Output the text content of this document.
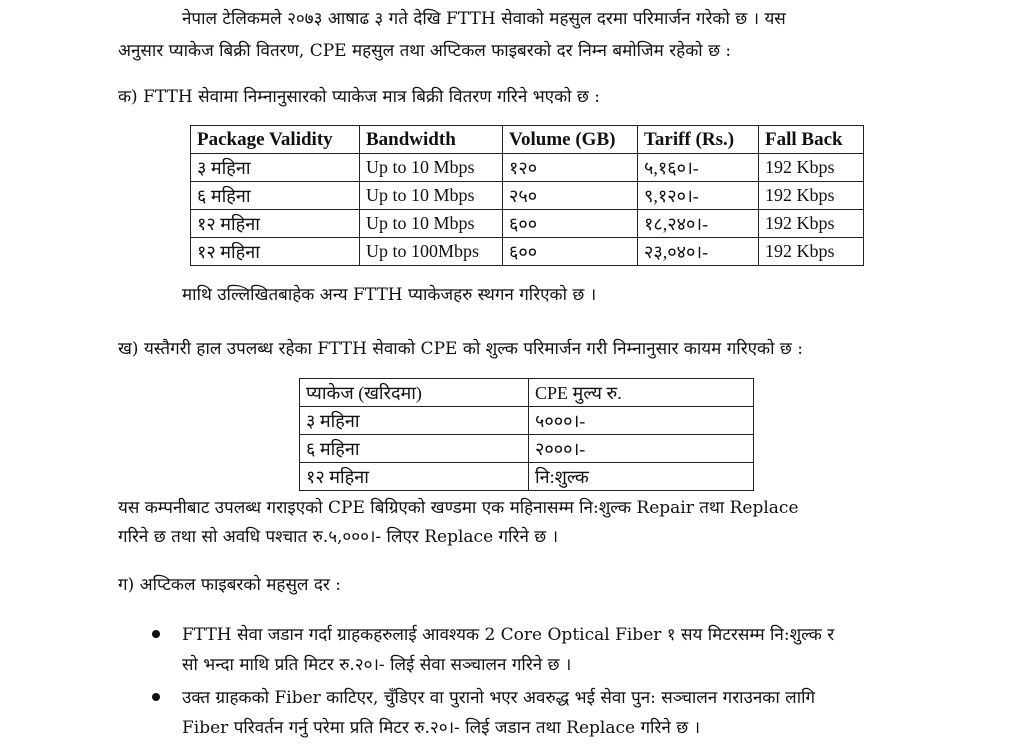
नेपाल टेलिकमले २०७३ आषाढ ३ गते देखि FTTH सेवाको महसुल दरमा परिमार्जन गरेको छ । यस
अनुसार प्याकेज बिक्री वितरण, CPE महसुल तथा अप्टिकल फाइबरको दर निम्न बमोजिम रहेको छ :
क) FTTH सेवामा निम्नानुसारको प्याकेज मात्र बिक्री वितरण गरिने भएको छ :
Package Validity	Bandwidth	Volume (GB)	Tariff (Rs.)	Fall Back
३ महिना	Up to 10 Mbps	१२०	५,१६०।-	192 Kbps
६ महिना	Up to 10 Mbps	२५०	९,१२०।-	192 Kbps
१२ महिना	Up to 10 Mbps	६००	१८,२४०।-	192 Kbps
१२ महिना	Up to 100Mbps	६००	२३,०४०।-	192 Kbps
माथि उल्लिखितबाहेक अन्य FTTH प्याकेजहरु स्थगन गरिएको छ ।
ख) यस्तैगरी हाल उपलब्ध रहेका FTTH सेवाको CPE को शुल्क परिमार्जन गरी निम्नानुसार कायम गरिएको छ :
प्याकेज (खरिदमा)	CPE मुल्य रु.
३ महिना	५०००।-
६ महिना	२०००।-
१२ महिना	नि:शुल्क
यस कम्पनीबाट उपलब्ध गराइएको CPE बिग्रिएको खण्डमा एक महिनासम्म नि:शुल्क Repair तथा Replace
गरिने छ तथा सो अवधि पश्चात रु.५,०००।- लिएर Replace गरिने छ ।
ग) अप्टिकल फाइबरको महसुल दर :
FTTH सेवा जडान गर्दा ग्राहकहरुलाई आवश्यक 2 Core Optical Fiber १ सय मिटरसम्म नि:शुल्क र
सो भन्दा माथि प्रति मिटर रु.२०।- लिई सेवा सञ्चालन गरिने छ ।
उक्त ग्राहकको Fiber काटिएर, चुँडिएर वा पुरानो भएर अवरुद्ध भई सेवा पुन: सञ्चालन गराउनका लागि
Fiber परिवर्तन गर्नु परेमा प्रति मिटर रु.२०।- लिई जडान तथा Replace गरिने छ ।
